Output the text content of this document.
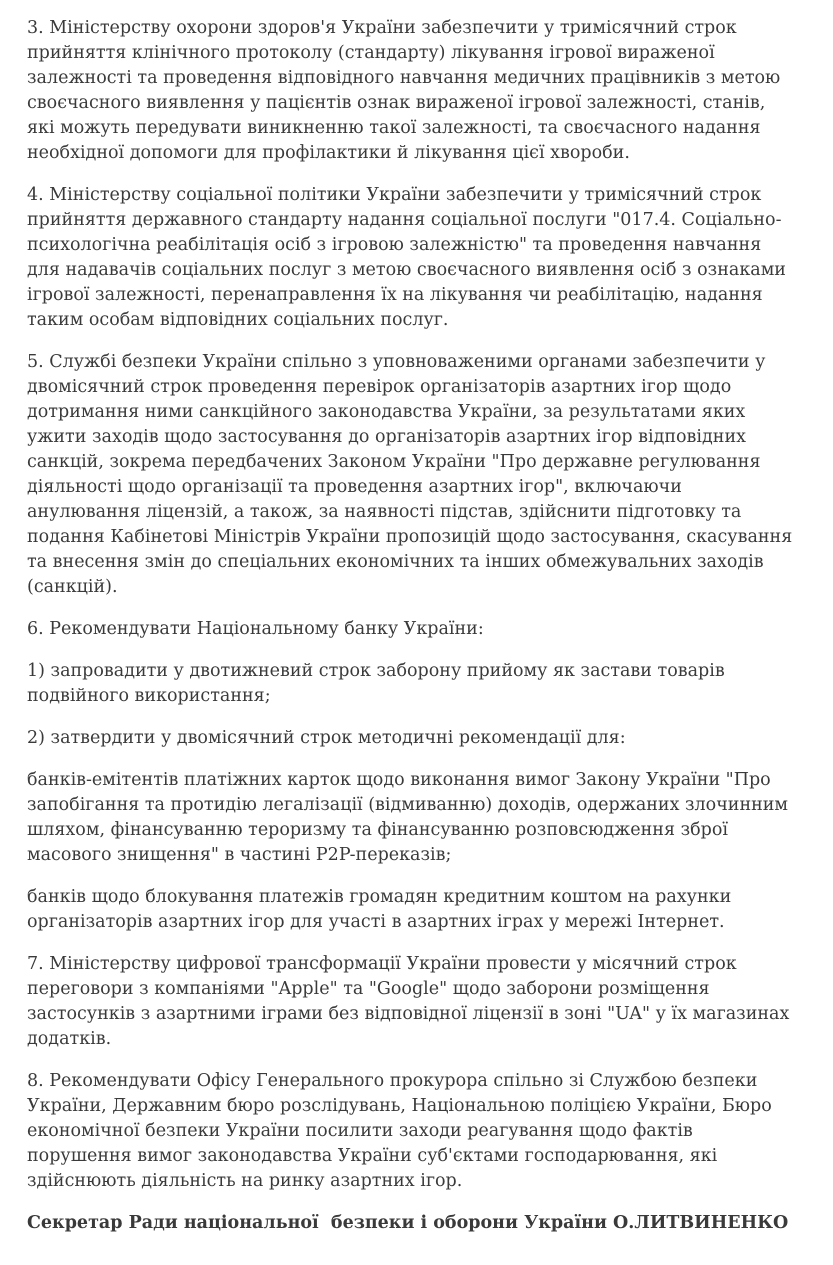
3. Міністерству охорони здоров'я України забезпечити у тримісячний строк прийняття клінічного протоколу (стандарту) лікування ігрової вираженої залежності та проведення відповідного навчання медичних працівників з метою своєчасного виявлення у пацієнтів ознак вираженої ігрової залежності, станів, які можуть передувати виникненню такої залежності, та своєчасного надання необхідної допомоги для профілактики й лікування цієї хвороби.

4. Міністерству соціальної політики України забезпечити у тримісячний строк прийняття державного стандарту надання соціальної послуги "017.4. Соціально-психологічна реабілітація осіб з ігровою залежністю" та проведення навчання для надавачів соціальних послуг з метою своєчасного виявлення осіб з ознаками ігрової залежності, перенаправлення їх на лікування чи реабілітацію, надання таким особам відповідних соціальних послуг.

5. Службі безпеки України спільно з уповноваженими органами забезпечити у двомісячний строк проведення перевірок організаторів азартних ігор щодо дотримання ними санкційного законодавства України, за результатами яких ужити заходів щодо застосування до організаторів азартних ігор відповідних санкцій, зокрема передбачених Законом України "Про державне регулювання діяльності щодо організації та проведення азартних ігор", включаючи анулювання ліцензій, а також, за наявності підстав, здійснити підготовку та подання Кабінетові Міністрів України пропозицій щодо застосування, скасування та внесення змін до спеціальних економічних та інших обмежувальних заходів (санкцій).

6. Рекомендувати Національному банку України:

1) запровадити у двотижневий строк заборону прийому як застави товарів подвійного використання;

2) затвердити у двомісячний строк методичні рекомендації для:

банків-емітентів платіжних карток щодо виконання вимог Закону України "Про запобігання та протидію легалізації (відмиванню) доходів, одержаних злочинним шляхом, фінансуванню тероризму та фінансуванню розповсюдження зброї масового знищення" в частині P2P-переказів;

банків щодо блокування платежів громадян кредитним коштом на рахунки організаторів азартних ігор для участі в азартних іграх у мережі Інтернет.

7. Міністерству цифрової трансформації України провести у місячний строк переговори з компаніями "Apple" та "Google" щодо заборони розміщення застосунків з азартними іграми без відповідної ліцензії в зоні "UA" у їх магазинах додатків.

8. Рекомендувати Офісу Генерального прокурора спільно зі Службою безпеки України, Державним бюро розслідувань, Національною поліцією України, Бюро економічної безпеки України посилити заходи реагування щодо фактів порушення вимог законодавства України суб'єктами господарювання, які здійснюють діяльність на ринку азартних ігор.

Секретар Ради національної  безпеки і оборони України О.ЛИТВИНЕНКО
